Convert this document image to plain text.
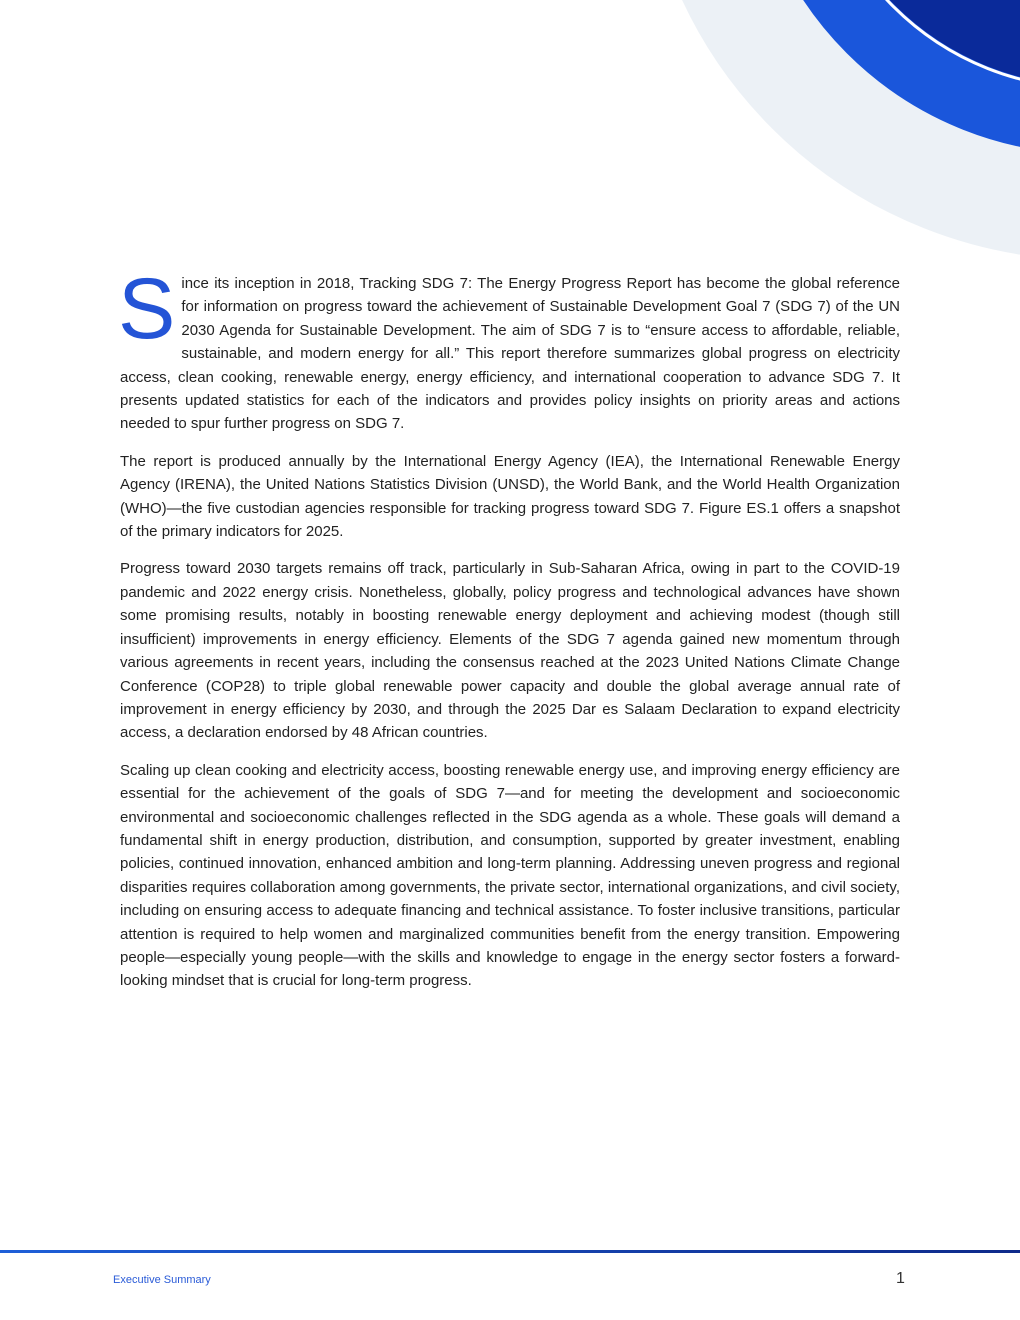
Since its inception in 2018, Tracking SDG 7: The Energy Progress Report has become the global reference for information on progress toward the achievement of Sustainable Development Goal 7 (SDG 7) of the UN 2030 Agenda for Sustainable Development. The aim of SDG 7 is to “ensure access to affordable, reliable, sustainable, and modern energy for all.” This report therefore summarizes global progress on electricity access, clean cooking, renewable energy, energy efficiency, and international cooperation to advance SDG 7. It presents updated statistics for each of the indicators and provides policy insights on priority areas and actions needed to spur further progress on SDG 7.

The report is produced annually by the International Energy Agency (IEA), the International Renewable Energy Agency (IRENA), the United Nations Statistics Division (UNSD), the World Bank, and the World Health Organization (WHO)—the five custodian agencies responsible for tracking progress toward SDG 7. Figure ES.1 offers a snapshot of the primary indicators for 2025.

Progress toward 2030 targets remains off track, particularly in Sub-Saharan Africa, owing in part to the COVID-19 pandemic and 2022 energy crisis. Nonetheless, globally, policy progress and technological advances have shown some promising results, notably in boosting renewable energy deployment and achieving modest (though still insufficient) improvements in energy efficiency. Elements of the SDG 7 agenda gained new momentum through various agreements in recent years, including the consensus reached at the 2023 United Nations Climate Change Conference (COP28) to triple global renewable power capacity and double the global average annual rate of improvement in energy efficiency by 2030, and through the 2025 Dar es Salaam Declaration to expand electricity access, a declaration endorsed by 48 African countries.

Scaling up clean cooking and electricity access, boosting renewable energy use, and improving energy efficiency are essential for the achievement of the goals of SDG 7—and for meeting the development and socioeconomic environmental and socioeconomic challenges reflected in the SDG agenda as a whole. These goals will demand a fundamental shift in energy production, distribution, and consumption, supported by greater investment, enabling policies, continued innovation, enhanced ambition and long-term planning. Addressing uneven progress and regional disparities requires collaboration among governments, the private sector, international organizations, and civil society, including on ensuring access to adequate financing and technical assistance. To foster inclusive transitions, particular attention is required to help women and marginalized communities benefit from the energy transition. Empowering people—especially young people—with the skills and knowledge to engage in the energy sector fosters a forward-looking mindset that is crucial for long-term progress.

Executive Summary	1
